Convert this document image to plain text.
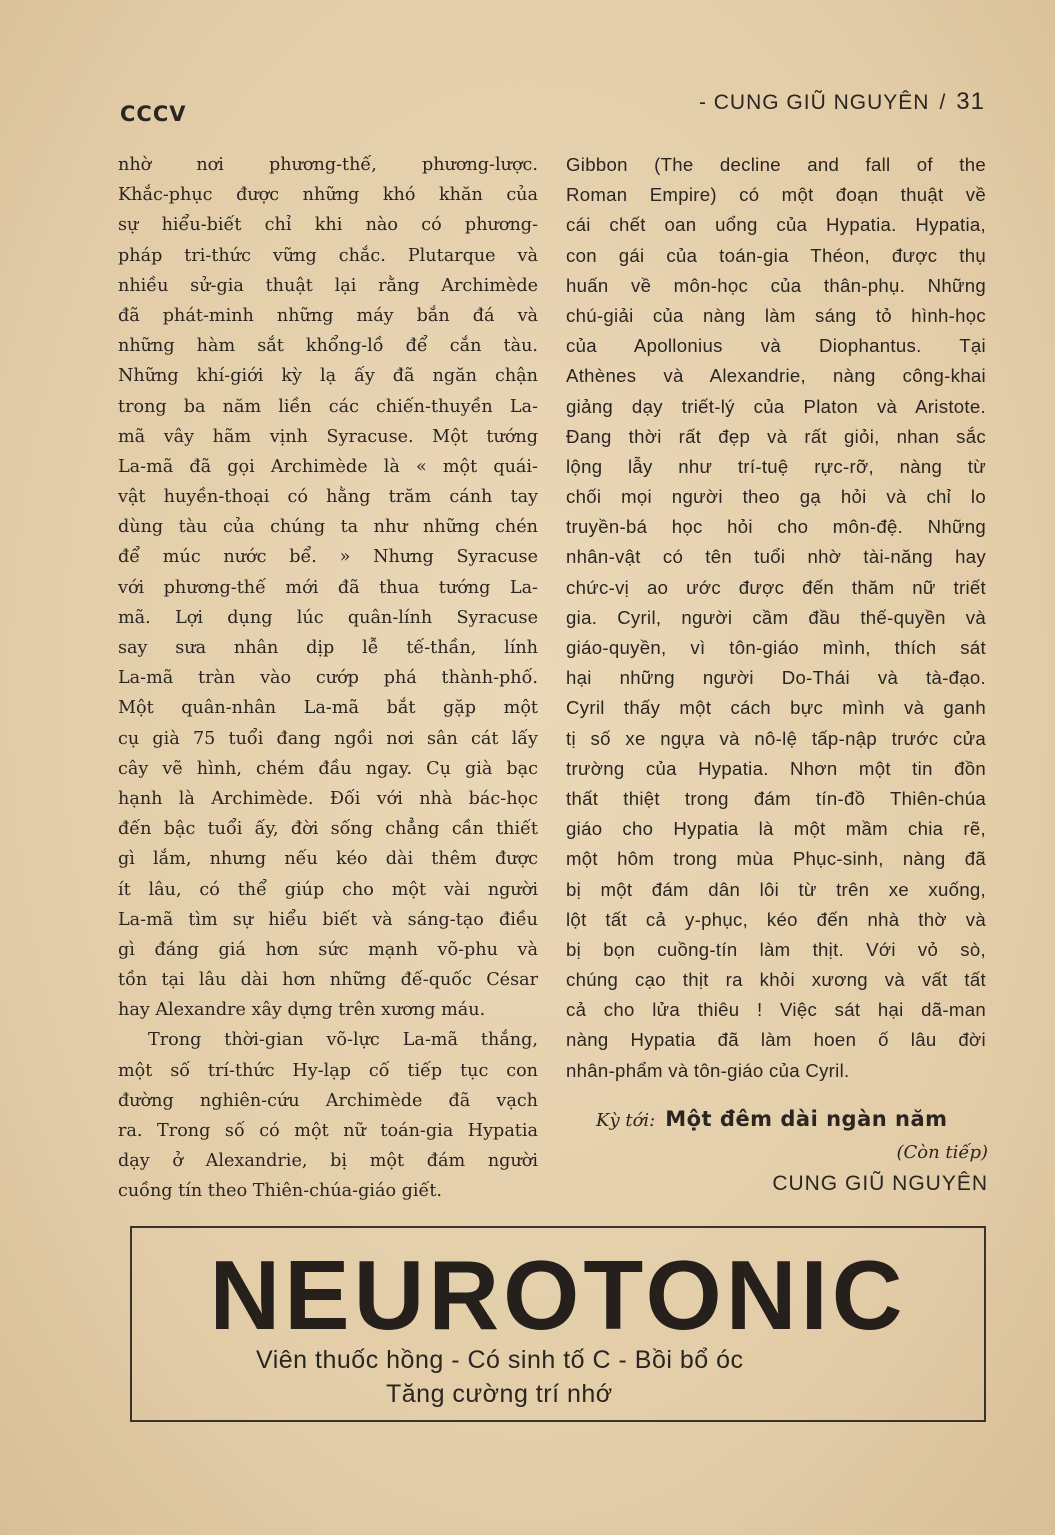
CCCV	- CUNG GIŨ NGUYÊN / 31
nhờ nơi phương-thế, phương-lược.
Khắc-phục được những khó khăn của
sự hiểu-biết chỉ khi nào có phương-
pháp tri-thức vững chắc. Plutarque và
nhiều sử-gia thuật lại rằng Archimède
đã phát-minh những máy bắn đá và
những hàm sắt khổng-lồ để cắn tàu.
Những khí-giới kỳ lạ ấy đã ngăn chận
trong ba năm liền các chiến-thuyền La-
mã vây hãm vịnh Syracuse. Một tướng
La-mã đã gọi Archimède là « một quái-
vật huyền-thoại có hằng trăm cánh tay
dùng tàu của chúng ta như những chén
để múc nước bể. » Nhưng Syracuse
với phương-thế mới đã thua tướng La-
mã. Lợi dụng lúc quân-lính Syracuse
say sưa nhân dịp lễ tế-thần, lính
La-mã tràn vào cướp phá thành-phố.
Một quân-nhân La-mã bắt gặp một
cụ già 75 tuổi đang ngồi nơi sân cát lấy
cây vẽ hình, chém đầu ngay. Cụ già bạc
hạnh là Archimède. Đối với nhà bác-học
đến bậc tuổi ấy, đời sống chẳng cần thiết
gì lắm, nhưng nếu kéo dài thêm được
ít lâu, có thể giúp cho một vài người
La-mã tìm sự hiểu biết và sáng-tạo điều
gì đáng giá hơn sức mạnh võ-phu và
tồn tại lâu dài hơn những đế-quốc César
hay Alexandre xây dựng trên xương máu.
Trong thời-gian võ-lực La-mã thắng,
một số trí-thức Hy-lạp cố tiếp tục con
đường nghiên-cứu Archimède đã vạch
ra. Trong số có một nữ toán-gia Hypatia
dạy ở Alexandrie, bị một đám người
cuồng tín theo Thiên-chúa-giáo giết.
Gibbon (The decline and fall of the
Roman Empire) có một đoạn thuật về
cái chết oan uổng của Hypatia. Hypatia,
con gái của toán-gia Théon, được thụ
huấn về môn-học của thân-phụ. Những
chú-giải của nàng làm sáng tỏ hình-học
của Apollonius và Diophantus. Tại
Athènes và Alexandrie, nàng công-khai
giảng dạy triết-lý của Platon và Aristote.
Đang thời rất đẹp và rất giỏi, nhan sắc
lộng lẫy như trí-tuệ rực-rỡ, nàng từ
chối mọi người theo gạ hỏi và chỉ lo
truyền-bá học hỏi cho môn-đệ. Những
nhân-vật có tên tuổi nhờ tài-năng hay
chức-vị ao ước được đến thăm nữ triết
gia. Cyril, người cầm đầu thế-quyền và
giáo-quyền, vì tôn-giáo mình, thích sát
hại những người Do-Thái và tà-đạo.
Cyril thấy một cách bực mình và ganh
tị số xe ngựa và nô-lệ tấp-nập trước cửa
trường của Hypatia. Nhơn một tin đồn
thất thiệt trong đám tín-đồ Thiên-chúa
giáo cho Hypatia là một mầm chia rẽ,
một hôm trong mùa Phục-sinh, nàng đã
bị một đám dân lôi từ trên xe xuống,
lột tất cả y-phục, kéo đến nhà thờ và
bị bọn cuồng-tín làm thịt. Với vỏ sò,
chúng cạo thịt ra khỏi xương và vất tất
cả cho lửa thiêu ! Việc sát hại dã-man
nàng Hypatia đã làm hoen ố lâu đời
nhân-phẩm và tôn-giáo của Cyril.
Kỳ tới: Một đêm dài ngàn năm
(Còn tiếp)
CUNG GIŨ NGUYÊN
NEUROTONIC
Viên thuốc hồng - Có sinh tố C - Bồi bổ óc
Tăng cường trí nhớ
